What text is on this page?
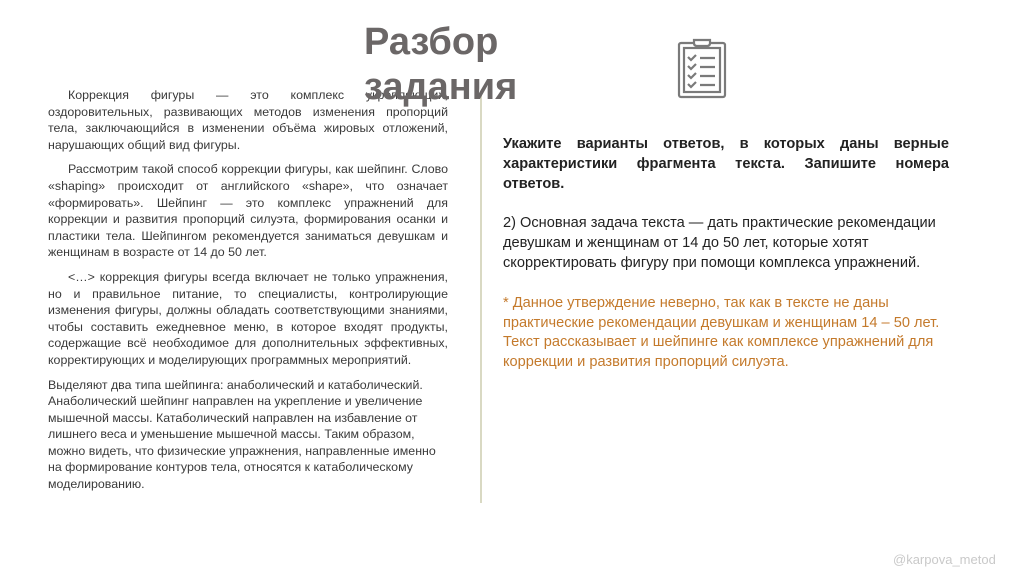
Разбор
задания

Коррекция фигуры — это комплекс укрепляющих, оздоровительных, развивающих методов изменения пропорций тела, заключающийся в изменении объёма жировых отложений, нарушающих общий вид фигуры.

Рассмотрим такой способ коррекции фигуры, как шейпинг. Слово «shaping» происходит от английского «shape», что означает «формировать». Шейпинг — это комплекс упражнений для коррекции и развития пропорций силуэта, формирования осанки и пластики тела. Шейпингом рекомендуется заниматься девушкам и женщинам в возрасте от 14 до 50 лет.

<…> коррекция фигуры всегда включает не только упражнения, но и правильное питание, то специалисты, контролирующие изменения фигуры, должны обладать соответствующими знаниями, чтобы составить ежедневное меню, в которое входят продукты, содержащие всё необходимое для дополнительных эффективных, корректирующих и моделирующих программных мероприятий.

Выделяют два типа шейпинга: анаболический и катаболический. Анаболический шейпинг направлен на укрепление и увеличение мышечной массы. Катаболический направлен на избавление от лишнего веса и уменьшение мышечной массы. Таким образом, можно видеть, что физические упражнения, направленные именно на формирование контуров тела, относятся к катаболическому моделированию.

Укажите варианты ответов, в которых даны верные характеристики фрагмента текста. Запишите номера ответов.

2) Основная задача текста — дать практические рекомендации девушкам и женщинам от 14 до 50 лет, которые хотят скорректировать фигуру при помощи комплекса упражнений.

* Данное утверждение неверно, так как в тексте не даны практические рекомендации девушкам и женщинам 14 – 50 лет. Текст рассказывает и шейпинге как комплексе упражнений для коррекции и развития пропорций силуэта.

@karpova_metod
